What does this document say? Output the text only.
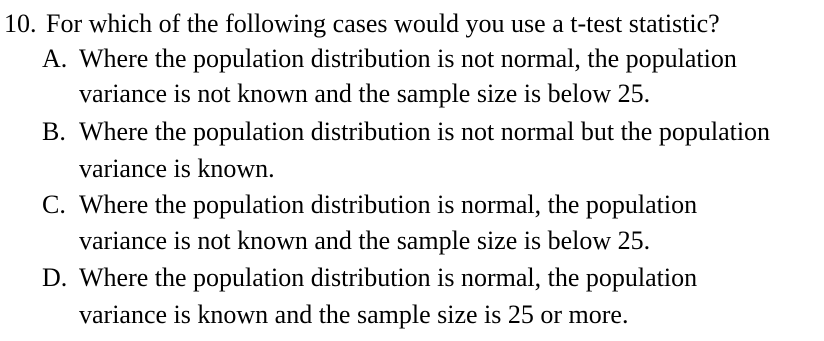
10. For which of the following cases would you use a t-test statistic?
A. Where the population distribution is not normal, the population
variance is not known and the sample size is below 25.
B. Where the population distribution is not normal but the population
variance is known.
C. Where the population distribution is normal, the population
variance is not known and the sample size is below 25.
D. Where the population distribution is normal, the population
variance is known and the sample size is 25 or more.
